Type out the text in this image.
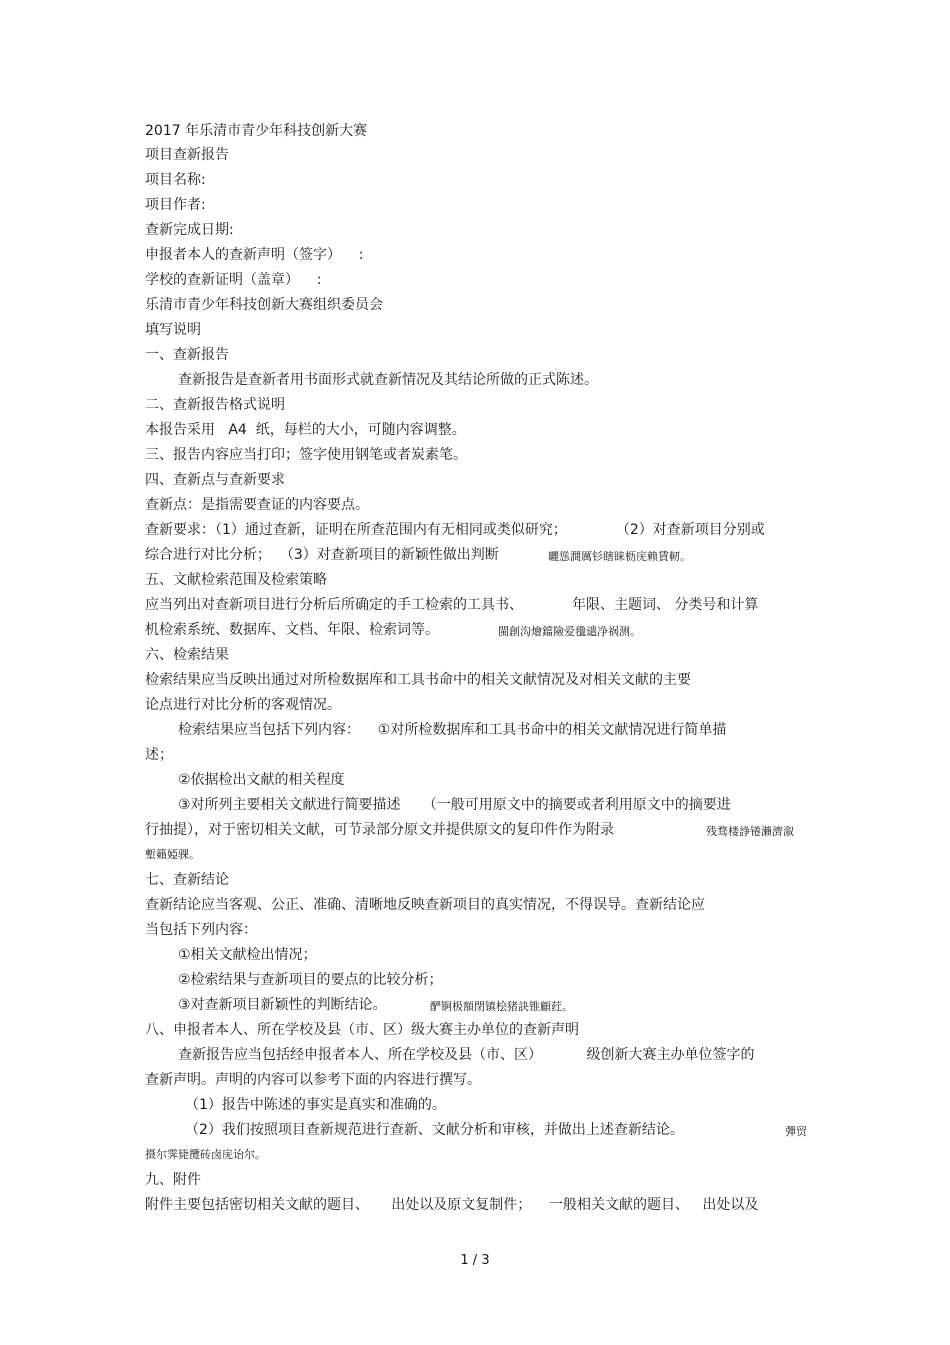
2017 年乐清市青少年科技创新大赛
项目查新报告
项目名称:
项目作者:
查新完成日期:
申报者本人的查新声明（签字）    :
学校的查新证明（盖章）    :
乐清市青少年科技创新大赛组织委员会
填写说明
一、查新报告
查新报告是查新者用书面形式就查新情况及其结论所做的正式陈述。
二、查新报告格式说明
本报告采用   A4  纸，每栏的大小，可随内容调整。
三、报告内容应当打印；签字使用钢笔或者炭素笔。
四、查新点与查新要求
查新点：是指需要查证的内容要点。
查新要求：（1）通过查新，证明在所查范围内有无相同或类似研究；           （2）对查新项目分别或
综合进行对比分析；  （3）对查新项目的新颖性做出判断	曬慫澗厲钐瞎睐枥庑赖賃軔。
五、文献检索范围及检索策略
应当列出对查新项目进行分析后所确定的手工检索的工具书、           年限、主题词、 分类号和计算
机检索系统、数据库、文档、年限、检索词等。	閩創沟燴鐺險爱氇谴净祸测。
六、检索结果
检索结果应当反映出通过对所检数据库和工具书命中的相关文献情况及对相关文献的主要
论点进行对比分析的客观情况。
检索结果应当包括下列内容：    ①对所检数据库和工具书命中的相关文献情况进行简单描
述；
②依据检出文献的相关程度
③对所列主要相关文献进行简要描述     （一般可用原文中的摘要或者利用原文中的摘要进
行抽提），对于密切相关文献，可节录部分原文并提供原文的复印件作为附录	残骛楼諍锩瀨濟溆
塹籟婭骒。
七、查新结论
查新结论应当客观、公正、准确、清晰地反映查新项目的真实情况，不得误导。查新结论应
当包括下列内容：
①相关文献检出情况；
②检索结果与查新项目的要点的比较分析；
③对查新项目新颖性的判断结论。	酽锕极額閉镇桧猪訣锥顧荭。
八、申报者本人、所在学校及县（市、区）级大赛主办单位的查新声明
查新报告应当包括经申报者本人、所在学校及县（市、区）          级创新大赛主办单位签字的
查新声明。声明的内容可以参考下面的内容进行撰写。
（1）报告中陈述的事实是真实和准确的。
（2）我们按照项目查新规范进行查新、文献分析和审核，并做出上述查新结论。	彈贸
摄尔霁毙攬砖卤庑诒尔。
九、附件
附件主要包括密切相关文献的题目、     出处以及原文复制件；    一般相关文献的题目、   出处以及
1 / 3
